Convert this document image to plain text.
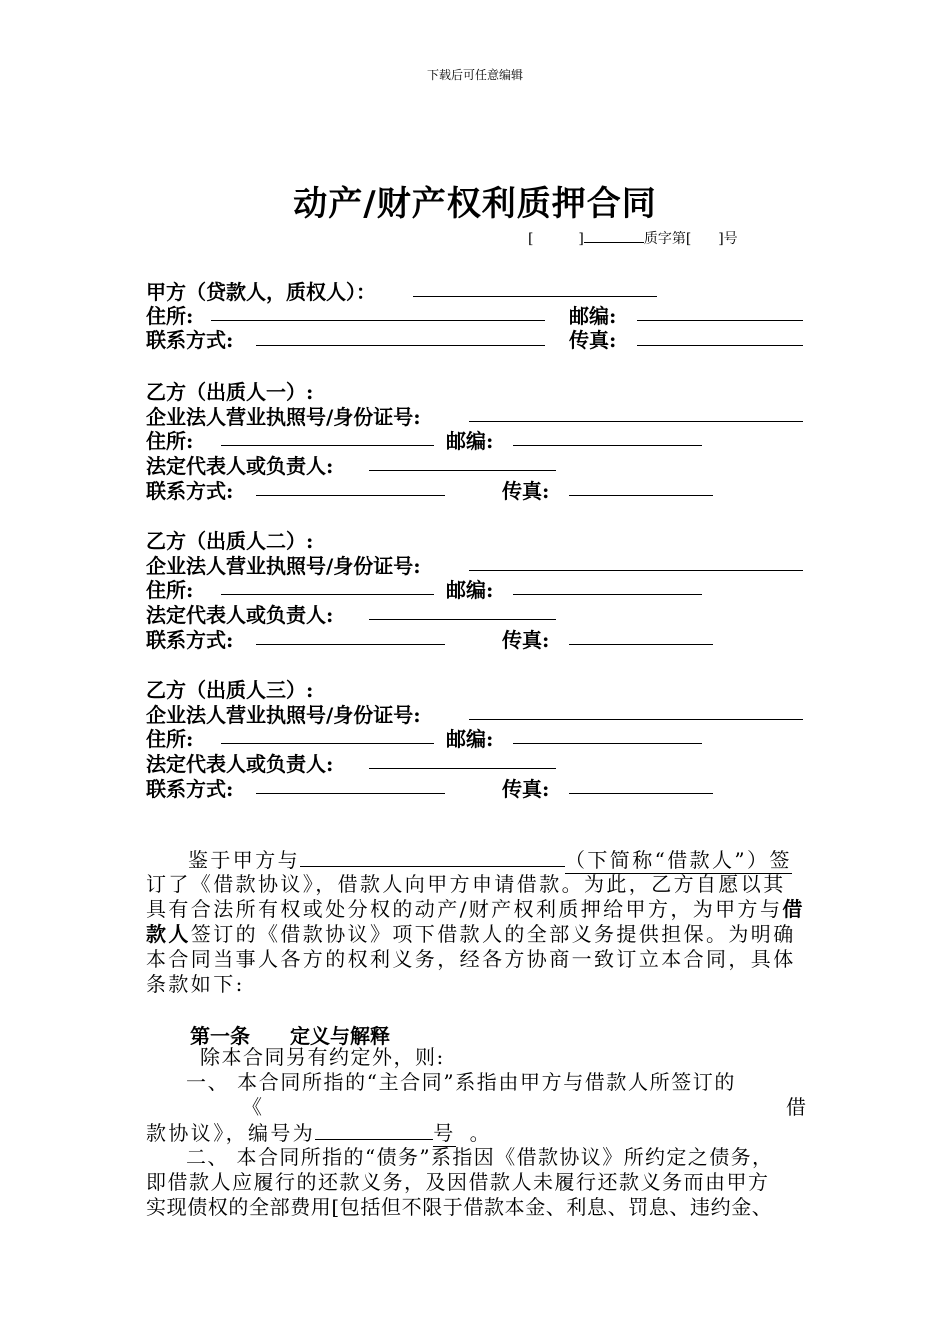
下载后可任意编辑
动产/财产权利质押合同
[	]	质字第[ ]号
甲方（贷款人，质权人）：
住所:	邮编:
联系方式:	传真:
乙方（出质人一）:
企业法人营业执照号/身份证号:
住所:	邮编:
法定代表人或负责人:
联系方式:	传真:
乙方（出质人二）:
企业法人营业执照号/身份证号:
住所:	邮编:
法定代表人或负责人:
联系方式:	传真:
乙方（出质人三）:
企业法人营业执照号/身份证号:
住所:	邮编:
法定代表人或负责人:
联系方式:	传真:
鉴于甲方与	（下简称“借款人”）签
订了《借款协议》，借款人向甲方申请借款。为此，乙方自愿以其
具有合法所有权或处分权的动产/财产权利质押给甲方，为甲方与借
款人签订的《借款协议》项下借款人的全部义务提供担保。为明确
本合同当事人各方的权利义务，经各方协商一致订立本合同，具体
条款如下:
第一条 定义与解释
除本合同另有约定外，则:
一、 本合同所指的“主合同”系指由甲方与借款人所签订的
《	借
款协议》，编号为	号 。
二、 本合同所指的“债务”系指因《借款协议》所约定之债务，
即借款人应履行的还款义务，及因借款人未履行还款义务而由甲方
实现债权的全部费用[包括但不限于借款本金、利息、罚息、违约金、
